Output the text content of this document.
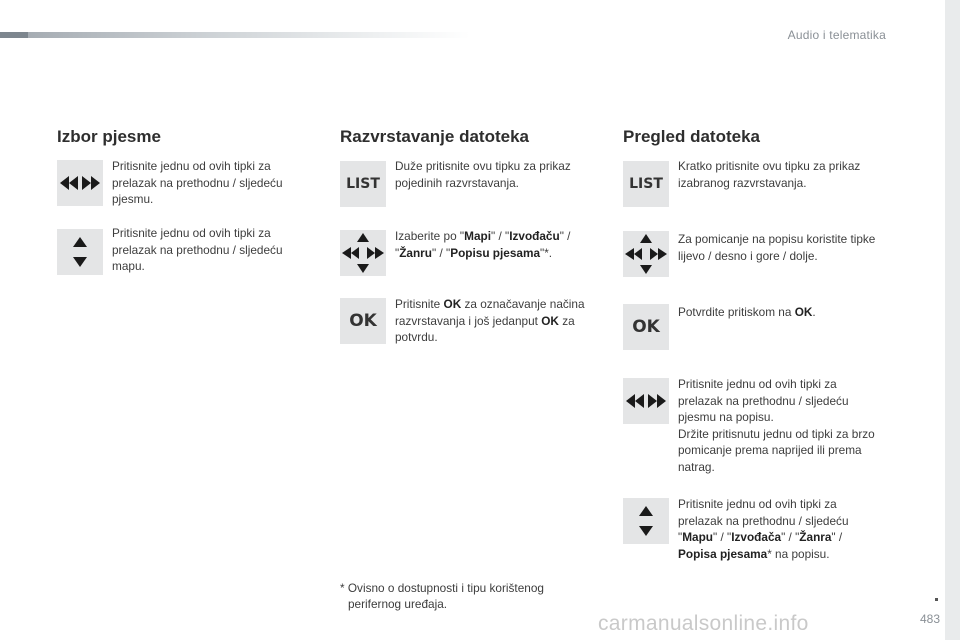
Audio i telematika
Izbor pjesme
Pritisnite jednu od ovih tipki za prelazak na prethodnu / sljedeću pjesmu.
Pritisnite jednu od ovih tipki za prelazak na prethodnu / sljedeću mapu.
Razvrstavanje datoteka
LIST
Duže pritisnite ovu tipku za prikaz pojedinih razvrstavanja.
Izaberite po "Mapi" / "Izvođaču" / "Žanru" / "Popisu pjesama"*.
OK
Pritisnite OK za označavanje načina razvrstavanja i još jedanput OK za potvrdu.
Pregled datoteka
LIST
Kratko pritisnite ovu tipku za prikaz izabranog razvrstavanja.
Za pomicanje na popisu koristite tipke lijevo / desno i gore / dolje.
OK
Potvrdite pritiskom na OK.
Pritisnite jednu od ovih tipki za prelazak na prethodnu / sljedeću pjesmu na popisu.
Držite pritisnutu jednu od tipki za brzo pomicanje prema naprijed ili prema natrag.
Pritisnite jednu od ovih tipki za prelazak na prethodnu / sljedeću "Mapu" / "Izvođača" / "Žanra" / Popisa pjesama* na popisu.
* Ovisno o dostupnosti i tipu korištenog
perifernog uređaja.
483
carmanualsonline.info
